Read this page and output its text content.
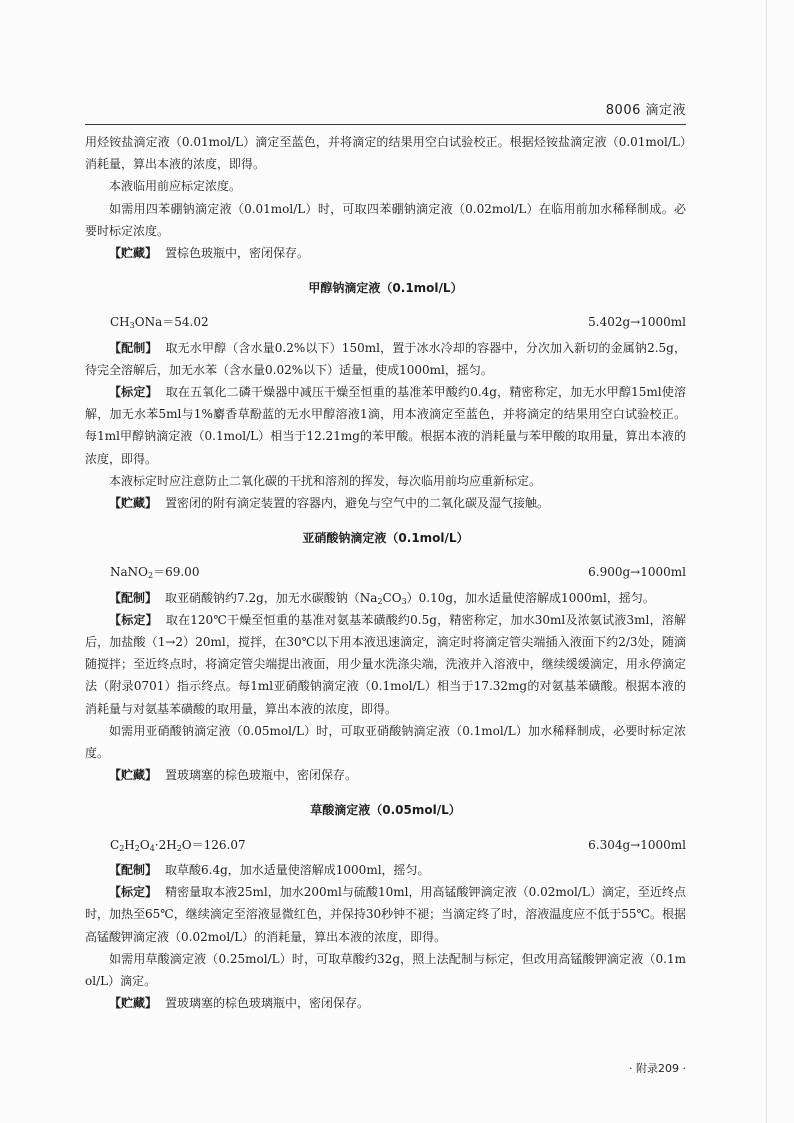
8006 滴定液

用烃铵盐滴定液（0.01mol/L）滴定至蓝色，并将滴定的结果用空白试验校正。根据烃铵盐滴定液（0.01mol/L）消耗量，算出本液的浓度，即得。

本液临用前应标定浓度。

如需用四苯硼钠滴定液（0.01mol/L）时，可取四苯硼钠滴定液（0.02mol/L）在临用前加水稀释制成。必要时标定浓度。

【贮藏】 置棕色玻瓶中，密闭保存。

甲醇钠滴定液（0.1mol/L）
$CH_3ONa=54.02$	5.402g→1000ml

【配制】 取无水甲醇（含水量0.2%以下）150ml，置于冰水冷却的容器中，分次加入新切的金属钠2.5g，待完全溶解后，加无水苯（含水量0.02%以下）适量，使成1000ml，摇匀。

【标定】 取在五氧化二磷干燥器中减压干燥至恒重的基准苯甲酸约0.4g，精密称定，加无水甲醇15ml使溶解，加无水苯5ml与1%麝香草酚蓝的无水甲醇溶液1滴，用本液滴定至蓝色，并将滴定的结果用空白试验校正。每1ml甲醇钠滴定液（0.1mol/L）相当于12.21mg的苯甲酸。根据本液的消耗量与苯甲酸的取用量，算出本液的浓度，即得。

本液标定时应注意防止二氧化碳的干扰和溶剂的挥发，每次临用前均应重新标定。

【贮藏】 置密闭的附有滴定装置的容器内，避免与空气中的二氧化碳及湿气接触。

亚硝酸钠滴定液（0.1mol/L）
NaNO$_2$＝69.00	6.900g→1000ml

【配制】 取亚硝酸钠约7.2g，加无水碳酸钠$(Na_2CO_3)0.10g$，加水适量使溶解成1000ml，摇匀。

【标定】 取在120℃干燥至恒重的基准对氨基苯磺酸约0.5g，精密称定，加水30ml及浓氨试液3ml，溶解后，加盐酸（1→2）20ml，搅拌，在30℃以下用本液迅速滴定，滴定时将滴定管尖端插入液面下约2/3处，随滴随搅拌；至近终点时，将滴定管尖端提出液面，用少量水洗涤尖端，洗液并入溶液中，继续缓缓滴定，用永停滴定法（附录0701）指示终点。每1ml亚硝酸钠滴定液（0.1mol/L）相当于17.32mg的对氨基苯磺酸。根据本液的消耗量与对氨基苯磺酸的取用量，算出本液的浓度，即得。

如需用亚硝酸钠滴定液（0.05mol/L）时，可取亚硝酸钠滴定液（0.1mol/L）加水稀释制成，必要时标定浓度。

【贮藏】 置玻璃塞的棕色玻瓶中，密闭保存。

草酸滴定液（0.05mol/L）
$C_2H_2O_4\cdot 2H_2O=126.07$	6.304g→1000ml

【配制】 取草酸6.4g，加水适量使溶解成1000ml，摇匀。

【标定】 精密量取本液25ml，加水200ml与硫酸10ml，用高锰酸钾滴定液（0.02mol/L）滴定，至近终点时，加热至65℃，继续滴定至溶液显微红色，并保持30秒钟不褪；当滴定终了时，溶液温度应不低于55℃。根据高锰酸钾滴定液（0.02mol/L）的消耗量，算出本液的浓度，即得。

如需用草酸滴定液（0.25mol/L）时，可取草酸约32g，照上法配制与标定，但改用高锰酸钾滴定液（0.1mol/L）滴定。

【贮藏】 置玻璃塞的棕色玻璃瓶中，密闭保存。

· 附录209 ·
